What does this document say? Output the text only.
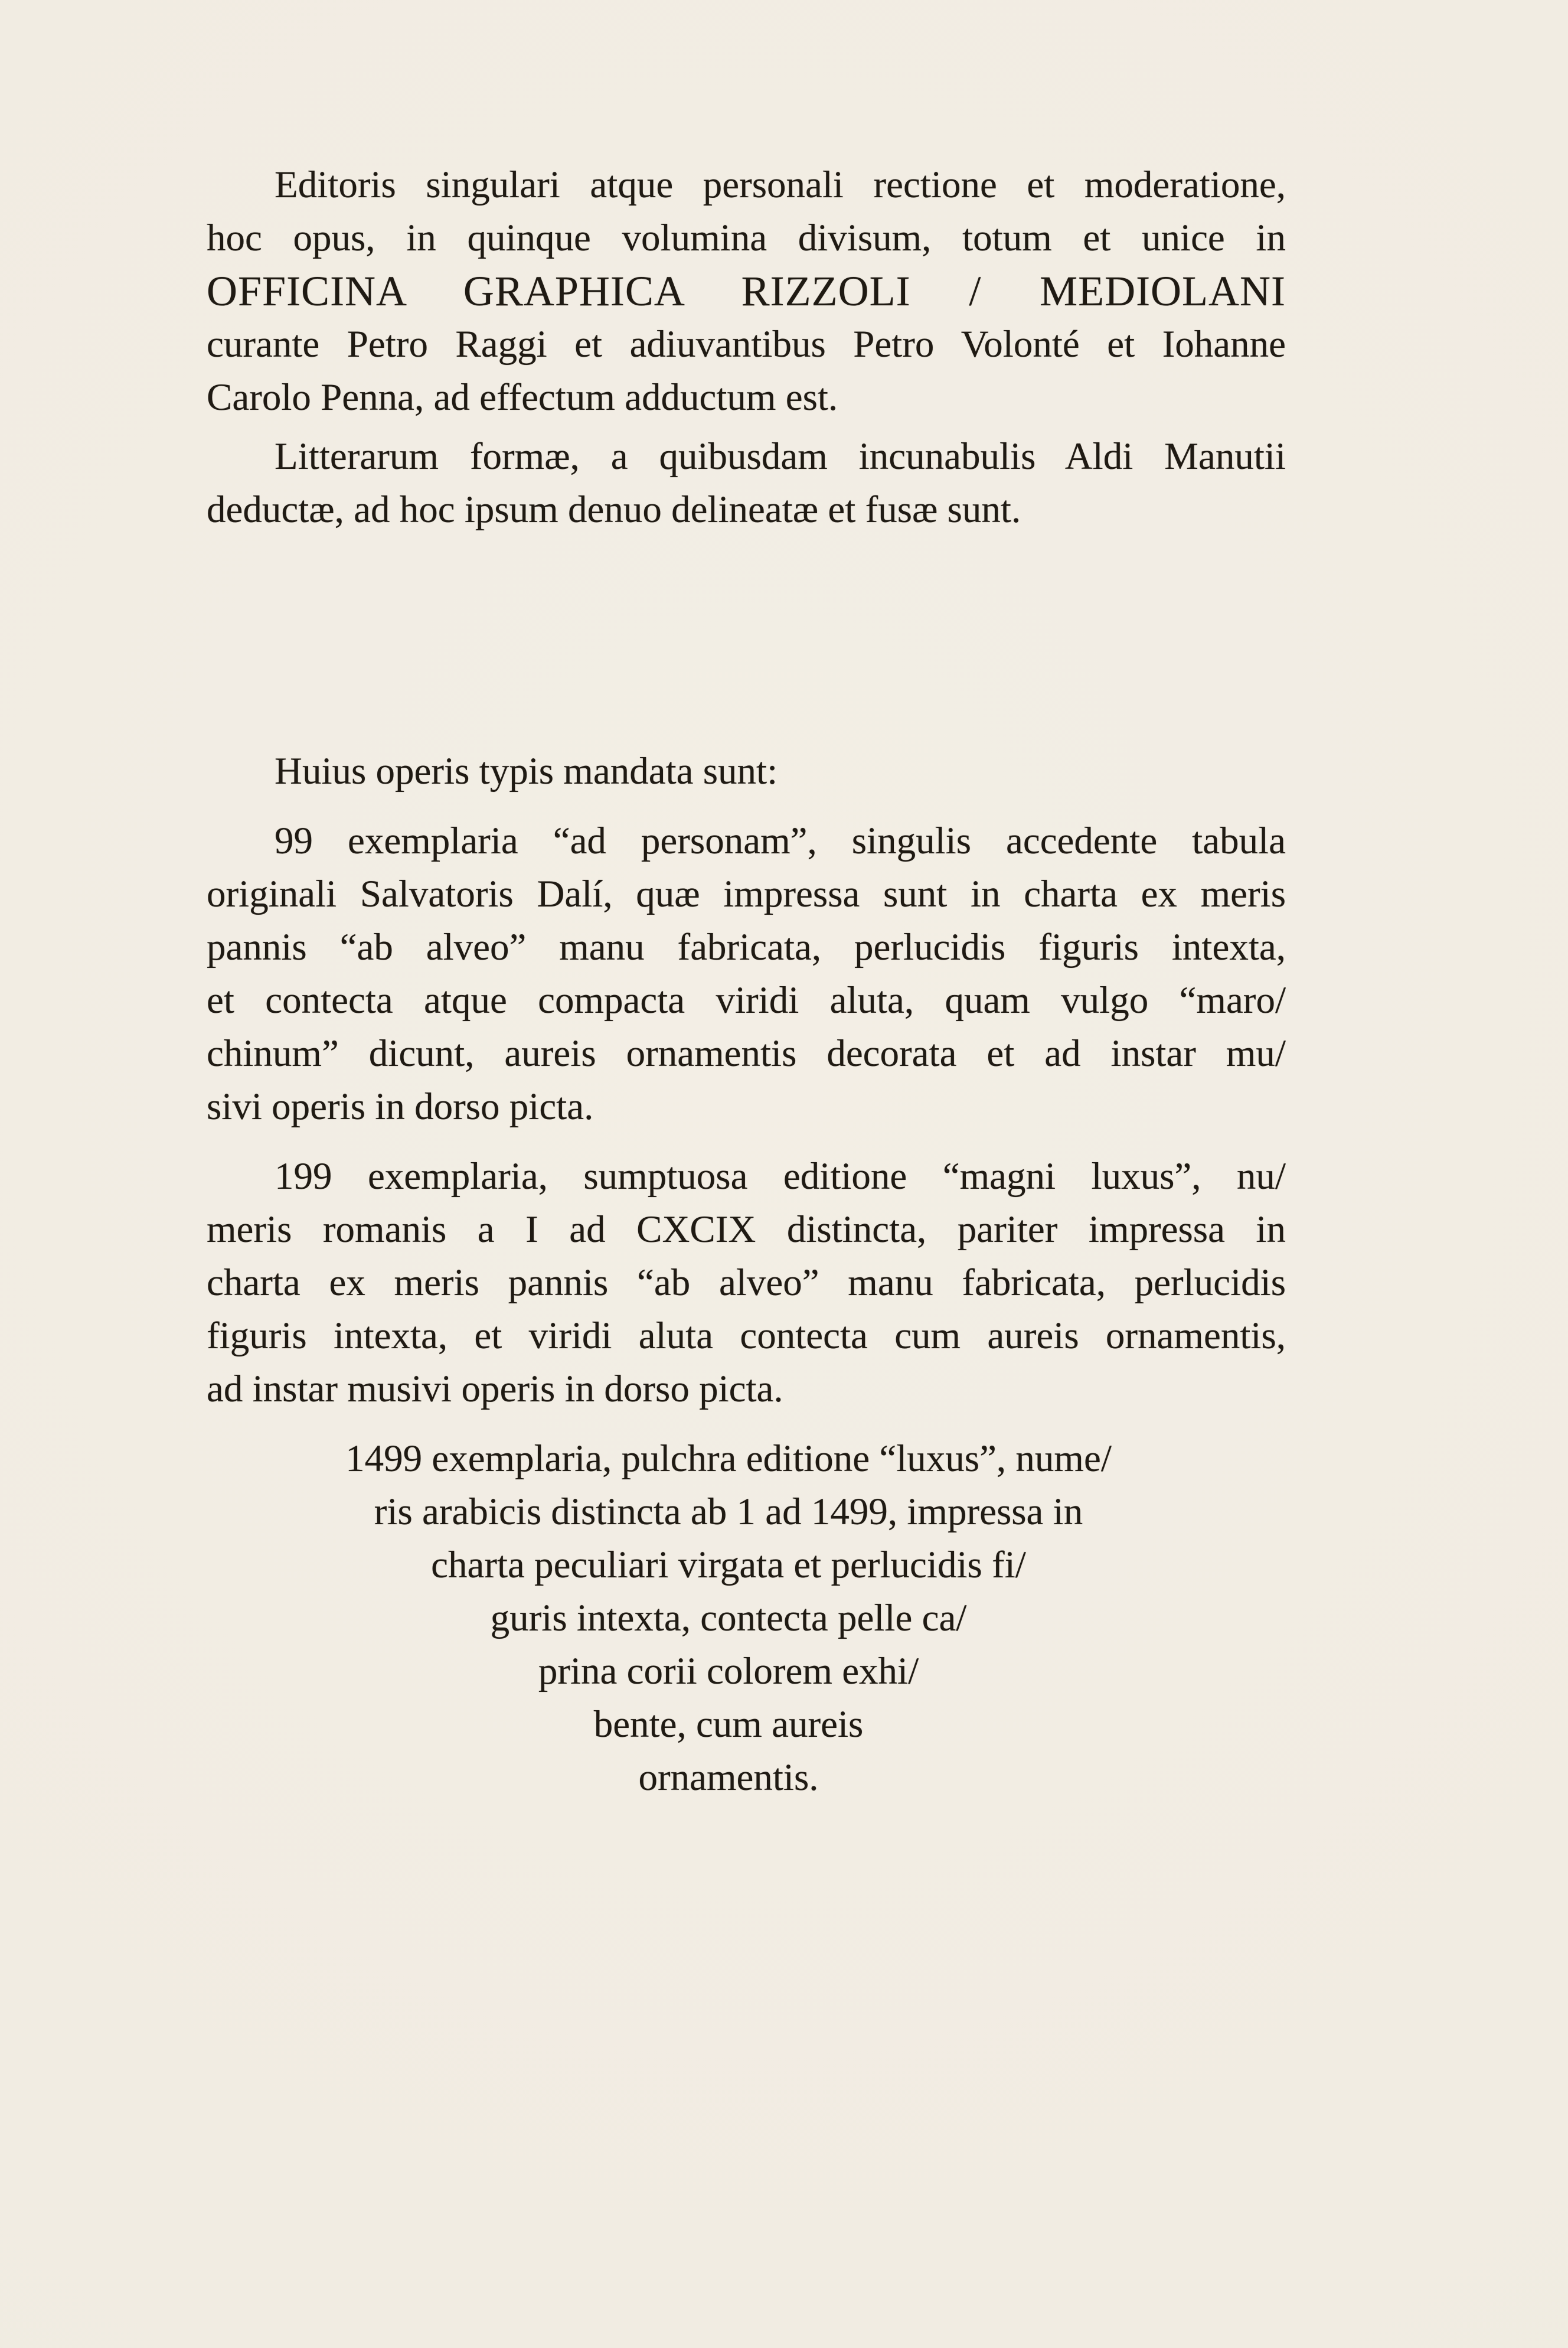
Editoris singulari atque personali rectione et moderatione,
hoc opus, in quinque volumina divisum, totum et unice in
OFFICINA GRAPHICA RIZZOLI / MEDIOLANI
curante Petro Raggi et adiuvantibus Petro Volonté et Iohanne
Carolo Penna, ad effectum adductum est.
Litterarum formæ, a quibusdam incunabulis Aldi Manutii
deductæ, ad hoc ipsum denuo delineatæ et fusæ sunt.
Huius operis typis mandata sunt:
99 exemplaria “ad personam”, singulis accedente tabula
originali Salvatoris Dalí, quæ impressa sunt in charta ex meris
pannis “ab alveo” manu fabricata, perlucidis figuris intexta,
et contecta atque compacta viridi aluta, quam vulgo “maro/
chinum” dicunt, aureis ornamentis decorata et ad instar mu/
sivi operis in dorso picta.
199 exemplaria, sumptuosa editione “magni luxus”, nu/
meris romanis a I ad CXCIX distincta, pariter impressa in
charta ex meris pannis “ab alveo” manu fabricata, perlucidis
figuris intexta, et viridi aluta contecta cum aureis ornamentis,
ad instar musivi operis in dorso picta.
1499 exemplaria, pulchra editione “luxus”, nume/
ris arabicis distincta ab 1 ad 1499, impressa in
charta peculiari virgata et perlucidis fi/
guris intexta, contecta pelle ca/
prina corii colorem exhi/
bente, cum aureis
ornamentis.
